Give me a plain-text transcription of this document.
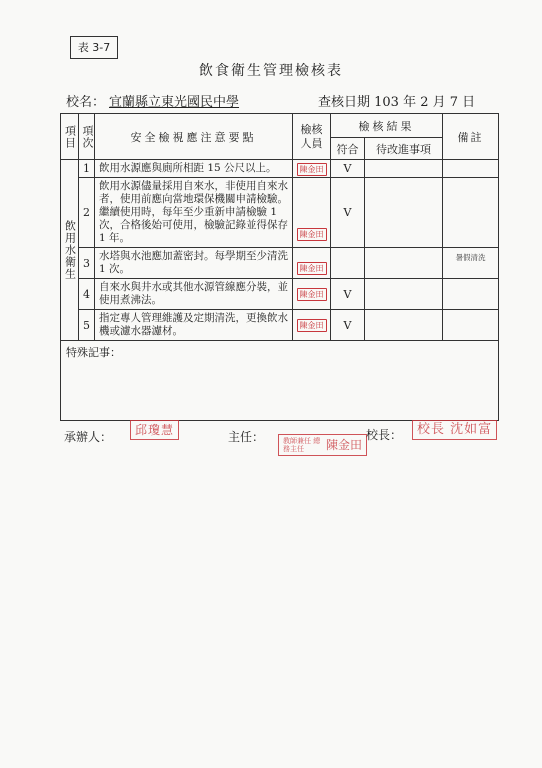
表 3-7
飲食衛生管理檢核表
校名： 宜蘭縣立東光國民中學	查核日期 103 年 2 月 7 日
項目	項次	安全檢視應注意要點	檢核人員	檢核結果		備註
				符合	待改進事項	

飲用水衛生	1	飲用水源應與廁所相距 15 公尺以上。	陳金田	V		
	2	飲用水源儘量採用自來水，非使用自來水者，使用前應向當地環保機關申請檢驗。繼續使用時，每年至少重新申請檢驗 1 次，合格後始可使用，檢驗記錄並得保存 1 年。	陳金田	V		
	3	水塔與水池應加蓋密封。每學期至少清洗 1 次。	陳金田			暑假清洗
	4	自來水與井水或其他水源管線應分裝，並使用煮沸法。	陳金田	V		
	5	指定專人管理維護及定期清洗，更換飲水機或濾水器濾材。	陳金田	V		
特殊記事：						
承辦人：	邱瓊慧	主任：	教師兼任 總務主任	陳金田
校長：	校長 沈如富
